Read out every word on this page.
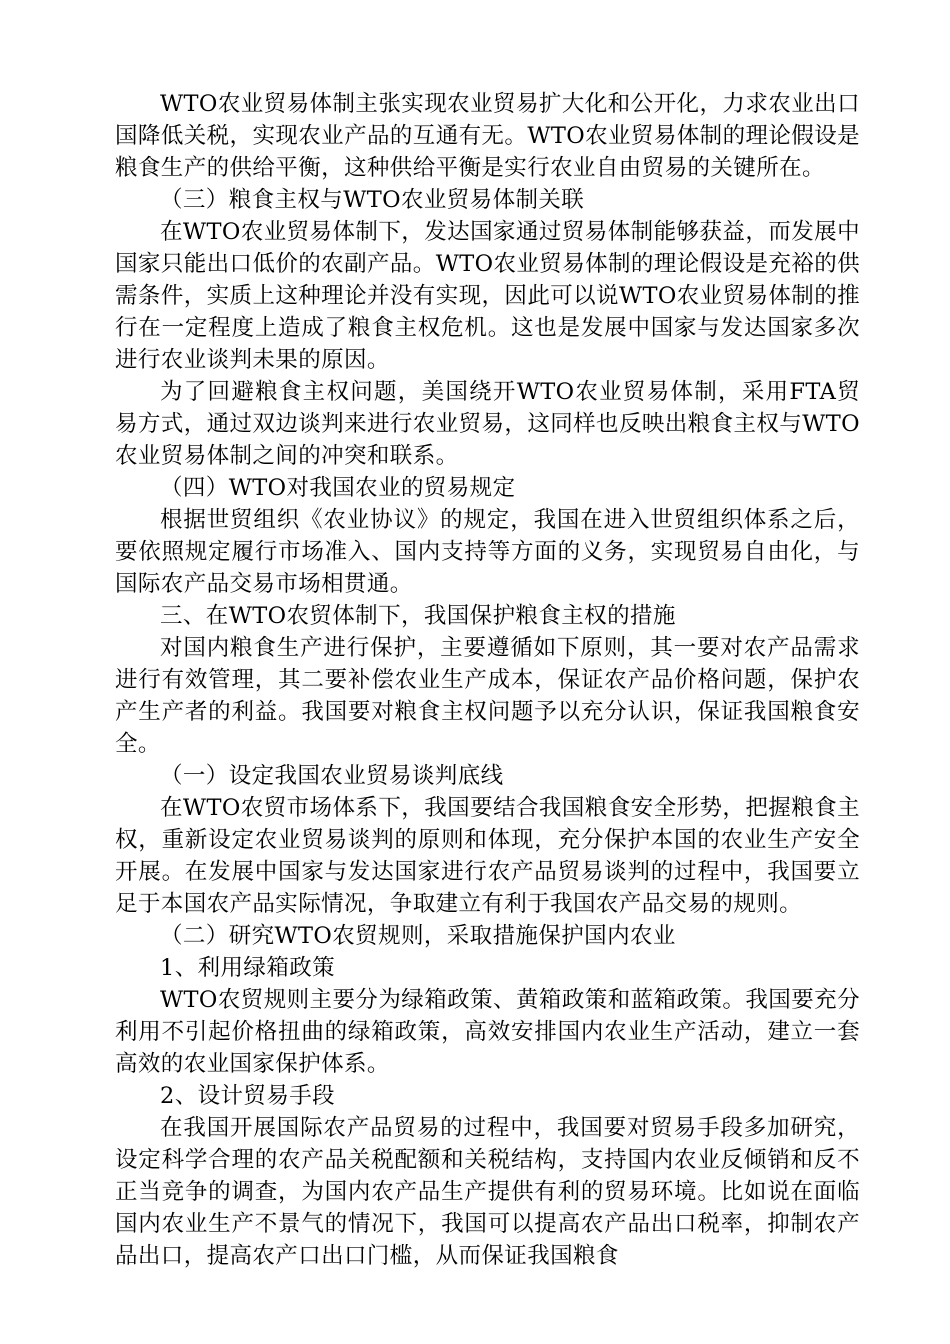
WTO农业贸易体制主张实现农业贸易扩大化和公开化，力求农业出口国降低关税，实现农业产品的互通有无。WTO农业贸易体制的理论假设是粮食生产的供给平衡，这种供给平衡是实行农业自由贸易的关键所在。

（三）粮食主权与WTO农业贸易体制关联

在WTO农业贸易体制下，发达国家通过贸易体制能够获益，而发展中国家只能出口低价的农副产品。WTO农业贸易体制的理论假设是充裕的供需条件，实质上这种理论并没有实现，因此可以说WTO农业贸易体制的推行在一定程度上造成了粮食主权危机。这也是发展中国家与发达国家多次进行农业谈判未果的原因。

为了回避粮食主权问题，美国绕开WTO农业贸易体制，采用FTA贸易方式，通过双边谈判来进行农业贸易，这同样也反映出粮食主权与WTO农业贸易体制之间的冲突和联系。

（四）WTO对我国农业的贸易规定

根据世贸组织《农业协议》的规定，我国在进入世贸组织体系之后，要依照规定履行市场准入、国内支持等方面的义务，实现贸易自由化，与国际农产品交易市场相贯通。

三、在WTO农贸体制下，我国保护粮食主权的措施

对国内粮食生产进行保护，主要遵循如下原则，其一要对农产品需求进行有效管理，其二要补偿农业生产成本，保证农产品价格问题，保护农产生产者的利益。我国要对粮食主权问题予以充分认识，保证我国粮食安全。

（一）设定我国农业贸易谈判底线

在WTO农贸市场体系下，我国要结合我国粮食安全形势，把握粮食主权，重新设定农业贸易谈判的原则和体现，充分保护本国的农业生产安全开展。在发展中国家与发达国家进行农产品贸易谈判的过程中，我国要立足于本国农产品实际情况，争取建立有利于我国农产品交易的规则。

（二）研究WTO农贸规则，采取措施保护国内农业

1、利用绿箱政策

WTO农贸规则主要分为绿箱政策、黄箱政策和蓝箱政策。我国要充分利用不引起价格扭曲的绿箱政策，高效安排国内农业生产活动，建立一套高效的农业国家保护体系。

2、设计贸易手段

在我国开展国际农产品贸易的过程中，我国要对贸易手段多加研究，设定科学合理的农产品关税配额和关税结构，支持国内农业反倾销和反不正当竞争的调查，为国内农产品生产提供有利的贸易环境。比如说在面临国内农业生产不景气的情况下，我国可以提高农产品出口税率，抑制农产品出口，提高农产口出口门槛，从而保证我国粮食
